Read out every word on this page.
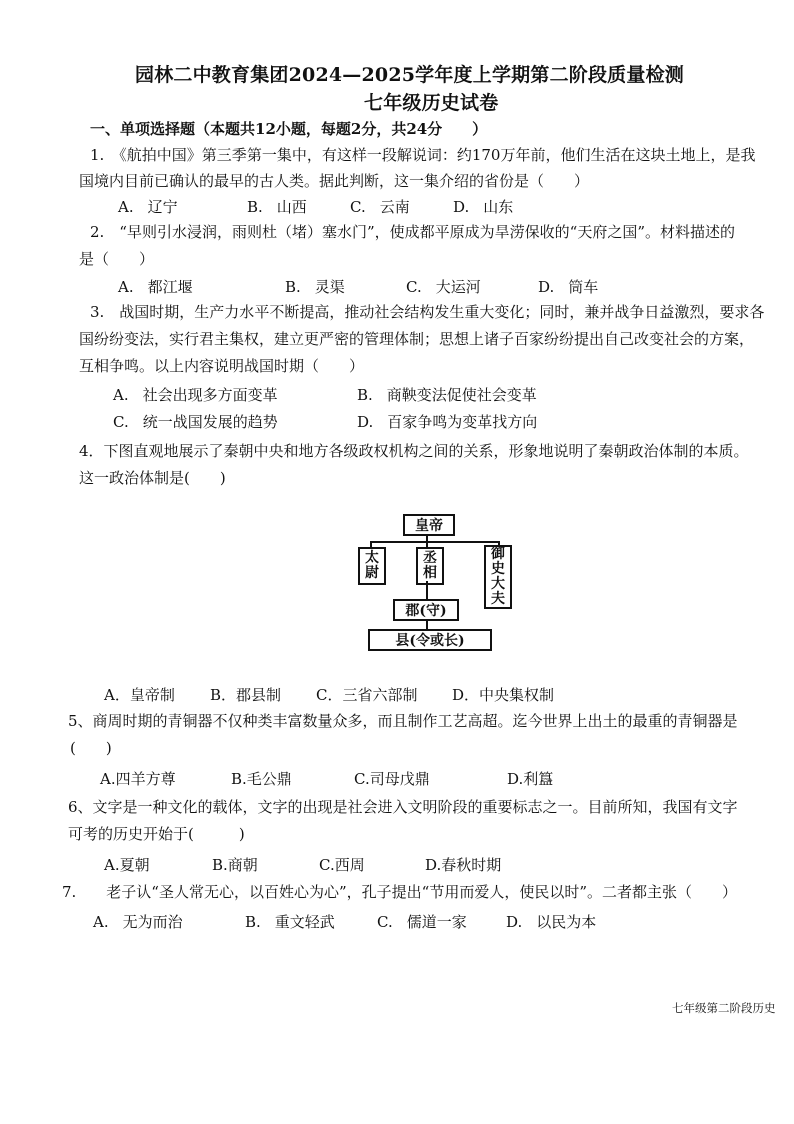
园林二中教育集团2024—2025学年度上学期第二阶段质量检测
七年级历史试卷
一、单项选择题（本题共12小题，每题2分，共24分　　）
1.　《航拍中国》第三季第一集中，有这样一段解说词：约170万年前，他们生活在这块土地上，是我
国境内目前已确认的最早的古人类。据此判断，这一集介绍的省份是（　　）
A. 辽宁	B. 山西	C. 云南	D. 山东
2.　“早则引水浸润，雨则杜（堵）塞水门”，使成都平原成为旱涝保收的“天府之国”。材料描述的
是（　　）
A. 都江堰	B. 灵渠	C. 大运河	D. 筒车
3.　战国时期，生产力水平不断提高，推动社会结构发生重大变化；同时，兼并战争日益激烈，要求各
国纷纷变法，实行君主集权，建立更严密的管理体制；思想上诸子百家纷纷提出自己改变社会的方案，
互相争鸣。以上内容说明战国时期（　　）
A. 社会出现多方面变革	B. 商鞅变法促使社会变革
C. 统一战国发展的趋势	D. 百家争鸣为变革找方向
4．下图直观地展示了秦朝中央和地方各级政权机构之间的关系，形象地说明了秦朝政治体制的本质。
这一政治体制是(　　)
皇帝
太
尉
丞
相
御
史
大
夫
郡(守)
县(令或长)
A．皇帝制 B．郡县制 C．三省六部制 D．中央集权制
5、商周时期的青铜器不仅种类丰富数量众多，而且制作工艺高超。迄今世界上出土的最重的青铜器是
(　　)
A.四羊方尊	B.毛公鼎	C.司母戊鼎	D.利簋
6、文字是一种文化的载体，文字的出现是社会进入文明阶段的重要标志之一。目前所知，我国有文字
可考的历史开始于(　　　)
A.夏朝	B.商朝	C.西周	D.春秋时期
7.　　老子认“圣人常无心，以百姓心为心”，孔子提出“节用而爱人，使民以时”。二者都主张（　　）
A. 无为而治	B. 重文轻武	C. 儒道一家	D. 以民为本
七年级第二阶段历史
